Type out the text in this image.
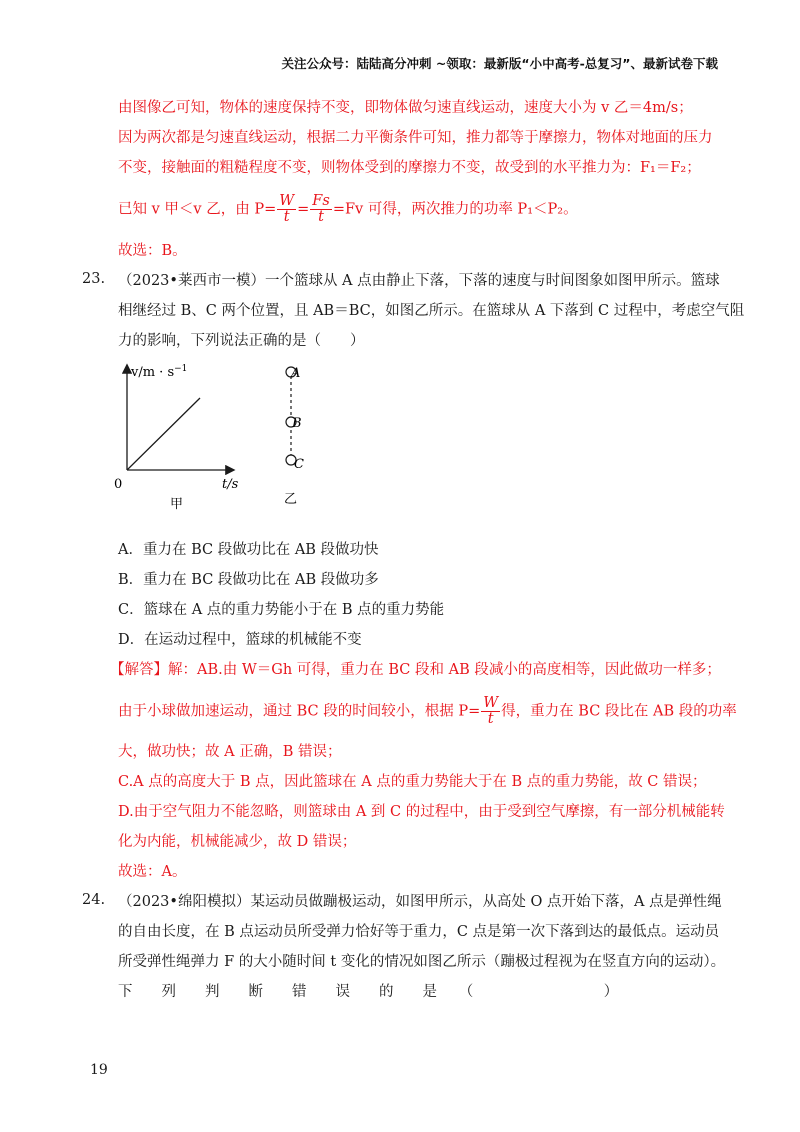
关注公众号：陆陆高分冲刺 ~领取：最新版“小中高考-总复习”、最新试卷下载
由图像乙可知，物体的速度保持不变，即物体做匀速直线运动，速度大小为 v 乙＝4m/s；
因为两次都是匀速直线运动，根据二力平衡条件可知，推力都等于摩擦力，物体对地面的压力
不变，接触面的粗糙程度不变，则物体受到的摩擦力不变，故受到的水平推力为：F₁＝F₂；
已知 v 甲＜v 乙，由 $P= \frac{W}{t} = \frac{Fs}{t} =Fv$ 可得，两次推力的功率 P₁＜P₂。
故选：B。
23. （2023•莱西市一模）一个篮球从 A 点由静止下落，下落的速度与时间图象如图甲所示。篮球
相继经过 B、C 两个位置，且 AB＝BC，如图乙所示。在篮球从 A 下落到 C 过程中，考虑空气阻
力的影响，下列说法正确的是（　　）
$v/m \cdot s^{-1}$
t/s
0
甲
A
B
C
乙
A．重力在 BC 段做功比在 AB 段做功快
B．重力在 BC 段做功比在 AB 段做功多
C．篮球在 A 点的重力势能小于在 B 点的重力势能
D．在运动过程中，篮球的机械能不变
【解答】解：AB.由 W＝Gh 可得，重力在 BC 段和 AB 段减小的高度相等，因此做功一样多；
由于小球做加速运动，通过 BC 段的时间较小，根据 $P= \frac{W}{t}$ 得，重力在 BC 段比在 AB 段的功率
大，做功快；故 A 正确，B 错误；
C.A 点的高度大于 B 点，因此篮球在 A 点的重力势能大于在 B 点的重力势能，故 C 错误；
D.由于空气阻力不能忽略，则篮球由 A 到 C 的过程中，由于受到空气摩擦，有一部分机械能转
化为内能，机械能减少，故 D 错误；
故选：A。
24. （2023•绵阳模拟）某运动员做蹦极运动，如图甲所示，从高处 O 点开始下落，A 点是弹性绳
的自由长度，在 B 点运动员所受弹力恰好等于重力，C 点是第一次下落到达的最低点。运动员
所受弹性绳弹力 F 的大小随时间 t 变化的情况如图乙所示（蹦极过程视为在竖直方向的运动）。
下　　列　　判　　断　　错　　误　　的　　是　　（　　　　　　　　　）
19
